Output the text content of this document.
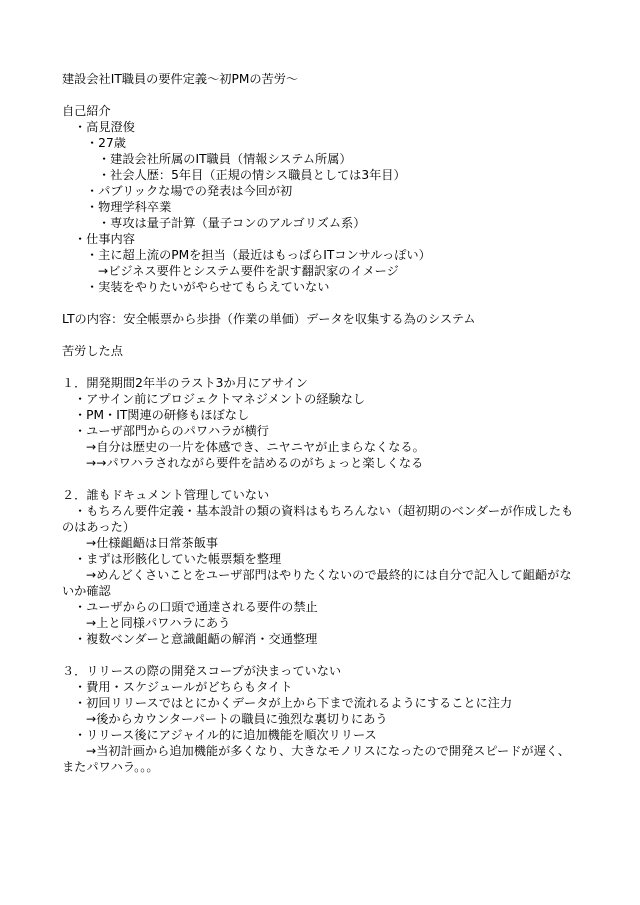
建設会社IT職員の要件定義〜初PMの苦労〜
自己紹介
・高見澄俊
・27歳
・建設会社所属のIT職員（情報システム所属）
・社会人歴：5年目（正規の情シス職員としては3年目）
・パブリックな場での発表は今回が初
・物理学科卒業
・専攻は量子計算（量子コンのアルゴリズム系）
・仕事内容
・主に超上流のPMを担当（最近はもっぱらITコンサルっぽい）
→ビジネス要件とシステム要件を訳す翻訳家のイメージ
・実装をやりたいがやらせてもらえていない
LTの内容：安全帳票から歩掛（作業の単価）データを収集する為のシステム
苦労した点
１．開発期間2年半のラスト3か月にアサイン
・アサイン前にプロジェクトマネジメントの経験なし
・PM・IT関連の研修もほぼなし
・ユーザ部門からのパワハラが横行
→自分は歴史の一片を体感でき、ニヤニヤが止まらなくなる。
→→パワハラされながら要件を詰めるのがちょっと楽しくなる
２．誰もドキュメント管理していない
・もちろん要件定義・基本設計の類の資料はもちろんない（超初期のベンダーが作成したものはあった）
→仕様齟齬は日常茶飯事
・まずは形骸化していた帳票類を整理
→めんどくさいことをユーザ部門はやりたくないので最終的には自分で記入して齟齬がないか確認
・ユーザからの口頭で通達される要件の禁止
→上と同様パワハラにあう
・複数ベンダーと意識齟齬の解消・交通整理
３．リリースの際の開発スコープが決まっていない
・費用・スケジュールがどちらもタイト
・初回リリースではとにかくデータが上から下まで流れるようにすることに注力
→後からカウンターパートの職員に強烈な裏切りにあう
・リリース後にアジャイル的に追加機能を順次リリース
→当初計画から追加機能が多くなり、大きなモノリスになったので開発スピードが遅く、またパワハラ。。。
